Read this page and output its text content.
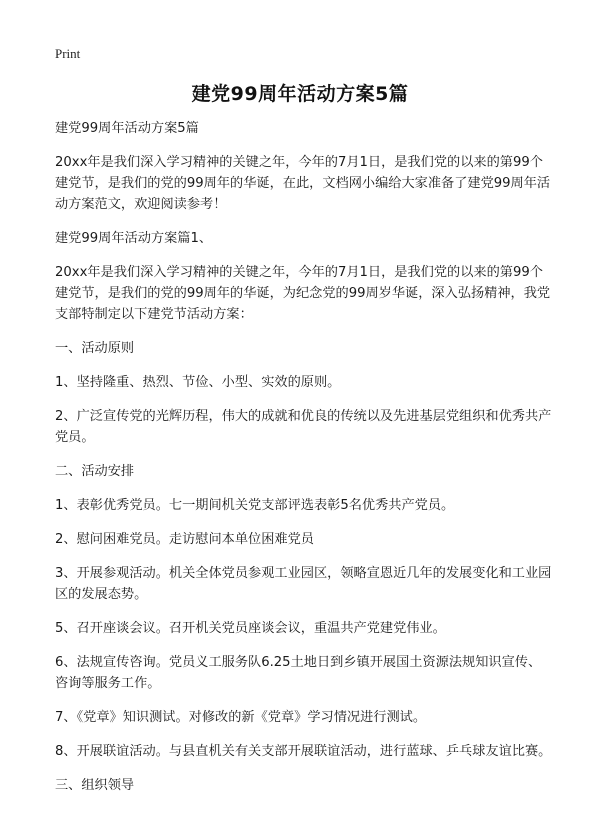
Print
建党99周年活动方案5篇

建党99周年活动方案5篇

20xx年是我们深入学习精神的关键之年，今年的7月1日，是我们党的以来的第99个建党节，是我们的党的99周年的华诞，在此，文档网小编给大家准备了建党99周年活动方案范文，欢迎阅读参考！

建党99周年活动方案篇1、

20xx年是我们深入学习精神的关键之年，今年的7月1日，是我们党的以来的第99个建党节，是我们的党的99周年的华诞，为纪念党的99周岁华诞，深入弘扬精神，我党支部特制定以下建党节活动方案：

一、活动原则

1、坚持隆重、热烈、节俭、小型、实效的原则。

2、广泛宣传党的光辉历程，伟大的成就和优良的传统以及先进基层党组织和优秀共产党员。

二、活动安排

1、表彰优秀党员。七一期间机关党支部评选表彰5名优秀共产党员。

2、慰问困难党员。走访慰问本单位困难党员

3、开展参观活动。机关全体党员参观工业园区，领略宣恩近几年的发展变化和工业园区的发展态势。

5、召开座谈会议。召开机关党员座谈会议，重温共产党建党伟业。

6、法规宣传咨询。党员义工服务队6.25土地日到乡镇开展国土资源法规知识宣传、咨询等服务工作。

7、《党章》知识测试。对修改的新《党章》学习情况进行测试。

8、开展联谊活动。与县直机关有关支部开展联谊活动，进行蓝球、乒乓球友谊比赛。

三、组织领导
